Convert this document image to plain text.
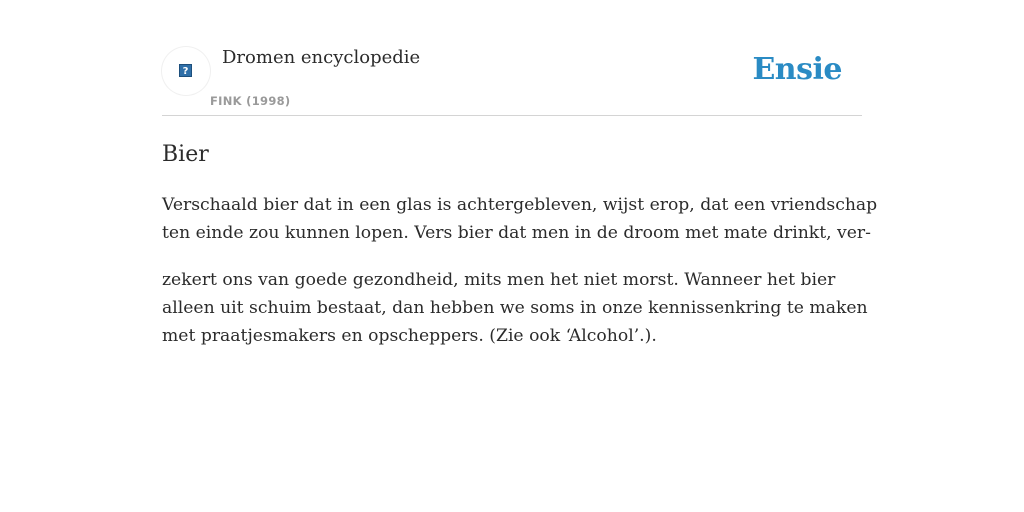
?
Dromen encyclopedie
FINK (1998)
Ensie
Bier

Verschaald bier dat in een glas is achtergebleven, wijst erop, dat een vriendschap
ten einde zou kunnen lopen. Vers bier dat men in de droom met mate drinkt, ver-

zekert ons van goede gezondheid, mits men het niet morst. Wanneer het bier
alleen uit schuim bestaat, dan hebben we soms in onze kennissenkring te maken
met praatjesmakers en opscheppers. (Zie ook ‘Alcohol’.).
